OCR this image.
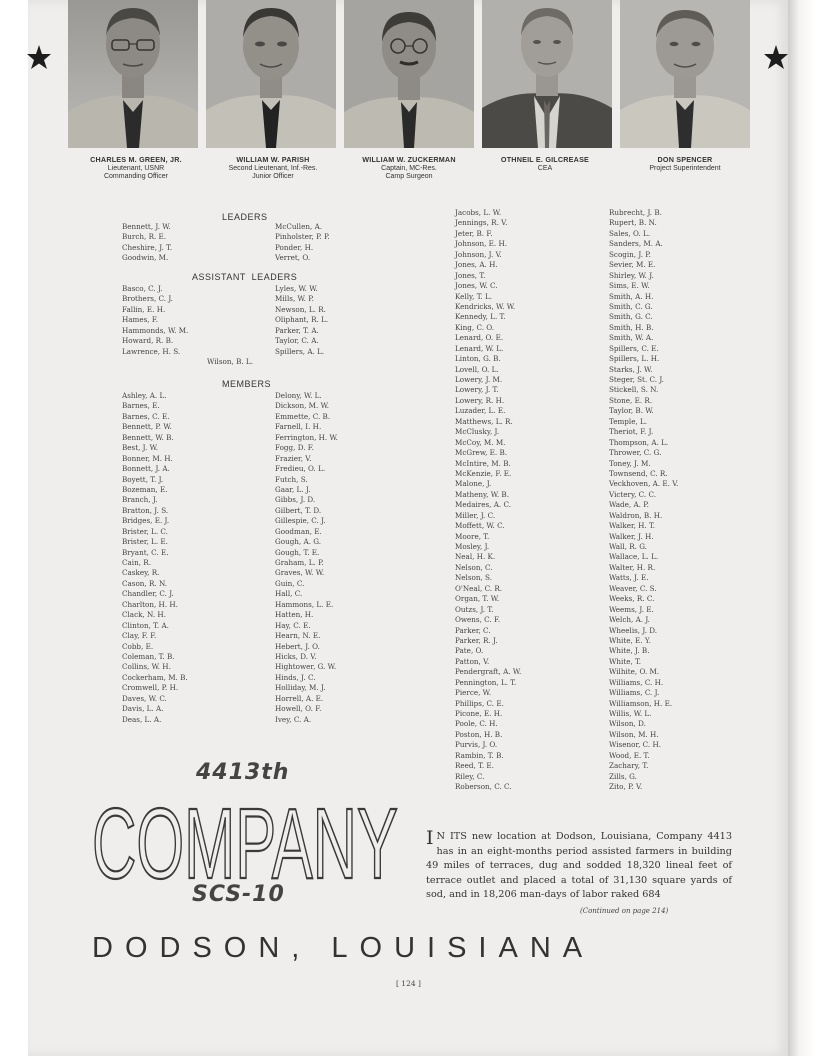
CHARLES M. GREEN, JR.
Lieutenant, USNR
Commanding Officer
WILLIAM W. PARISH
Second Lieutenant, Inf.-Res.
Junior Officer
WILLIAM W. ZUCKERMAN
Captain, MC-Res.
Camp Surgeon
OTHNEIL E. GILCREASE
CEA
DON SPENCER
Project Superintendent
LEADERS
ASSISTANT  LEADERS
MEMBERS
Bennett, J. W.
Burch, R. E.
Cheshire, J. T.
Goodwin, M.
McCullen, A.
Pinholster, P. P.
Ponder, H.
Verret, O.
Basco, C. J.
Brothers, C. J.
Fallin, E. H.
Hames, F.
Hammonds, W. M.
Howard, R. B.
Lawrence, H. S.
Lyles, W. W.
Mills, W. P.
Newson, L. R.
Oliphant, R. L.
Parker, T. A.
Taylor, C. A.
Spillers, A. L.
Wilson, B. L.
Ashley, A. L.
Barnes, E.
Barnes, C. E.
Bennett, P. W.
Bennett, W. B.
Best, J. W.
Bonner, M. H.
Bonnett, J. A.
Boyett, T. J.
Bozeman, E.
Branch, J.
Bratton, J. S.
Bridges, E. J.
Brister, L. C.
Brister, L. E.
Bryant, C. E.
Cain, R.
Caskey, R.
Cason, R. N.
Chandler, C. J.
Charlton, H. H.
Clack, N. H.
Clinton, T. A.
Clay, F. F.
Cobb, E.
Coleman, T. B.
Collins, W. H.
Cockerham, M. B.
Cromwell, P. H.
Daves, W. C.
Davis, L. A.
Deas, L. A.
Delony, W. L.
Dickson, M. W.
Emmette, C. B.
Farnell, I. H.
Ferrington, H. W.
Fogg, D. F.
Frazier, V.
Fredieu, O. L.
Futch, S.
Gaar, L. J.
Gibbs, J. D.
Gilbert, T. D.
Gillespie, C. J.
Goodman, E.
Gough, A. G.
Gough, T. E.
Graham, L. P.
Graves, W. W.
Guin, C.
Hall, C.
Hammons, L. E.
Hatten, H.
Hay, C. E.
Hearn, N. E.
Hebert, J. O.
Hicks, D. V.
Hightower, G. W.
Hinds, J. C.
Holliday, M. J.
Horrell, A. E.
Howell, O. F.
Ivey, C. A.
Jacobs, L. W.
Jennings, R. V.
Jeter, B. F.
Johnson, E. H.
Johnson, J. V.
Jones, A. H.
Jones, T.
Jones, W. C.
Kelly, T. L.
Kendricks, W. W.
Kennedy, L. T.
King, C. O.
Lenard, O. E.
Lenard, W. L.
Linton, G. B.
Lovell, O. L.
Lowery, J. M.
Lowery, J. T.
Lowery, R. H.
Luzader, L. E.
Matthews, L. R.
McClusky, J.
McCoy, M. M.
McGrew, E. B.
McIntire, M. B.
McKenzie, F. E.
Malone, J.
Matheny, W. B.
Medaires, A. C.
Miller, J. C.
Moffett, W. C.
Moore, T.
Mosley, J.
Neal, H. K.
Nelson, C.
Nelson, S.
O'Neal, C. R.
Organ, T. W.
Outzs, J. T.
Owens, C. F.
Parker, C.
Parker, R. J.
Pate, O.
Patton, V.
Pendergraft, A. W.
Pennington, L. T.
Pierce, W.
Phillips, C. E.
Picone, E. H.
Poole, C. H.
Poston, H. B.
Purvis, J. O.
Rambin, T. B.
Reed, T. E.
Riley, C.
Roberson, C. C.
Rubrecht, J. B.
Rupert, B. N.
Sales, O. L.
Sanders, M. A.
Scogin, J. P.
Sevier, M. E.
Shirley, W. J.
Sims, E. W.
Smith, A. H.
Smith, C. G.
Smith, G. C.
Smith, H. B.
Smith, W. A.
Spillers, C. E.
Spillers, L. H.
Starks, J. W.
Steger, St. C. J.
Stickell, S. N.
Stone, E. R.
Taylor, B. W.
Temple, L.
Theriot, F. J.
Thompson, A. L.
Thrower, C. G.
Toney, J. M.
Townsend, C. R.
Veckhoven, A. E. V.
Victery, C. C.
Wade, A. P.
Waldron, B. H.
Walker, H. T.
Walker, J. H.
Wall, R. G.
Wallace, L. L.
Walter, H. R.
Watts, J. E.
Weaver, C. S.
Weeks, R. C.
Weems, J. E.
Welch, A. J.
Wheelis, J. D.
White, E. Y.
White, J. B.
White, T.
Wilhite, O. M.
Williams, C. H.
Williams, C. J.
Williamson, H. E.
Willis, W. L.
Wilson, D.
Wilson, M. H.
Wisenor, C. H.
Wood, E. T.
Zachary, T.
Zills, G.
Zito, P. V.
4413th
COMPANY
SCS-10
DODSON, LOUISIANA
I N ITS new location at Dodson, Louisiana, Company 4413 has in an eight-months period assisted farmers in building 49 miles of terraces, dug and sodded 18,320 lineal feet of terrace outlet and placed a total of 31,130 square yards of sod, and in 18,206 man-days of labor raked 684
(Continued on page 214)
[ 124 ]
